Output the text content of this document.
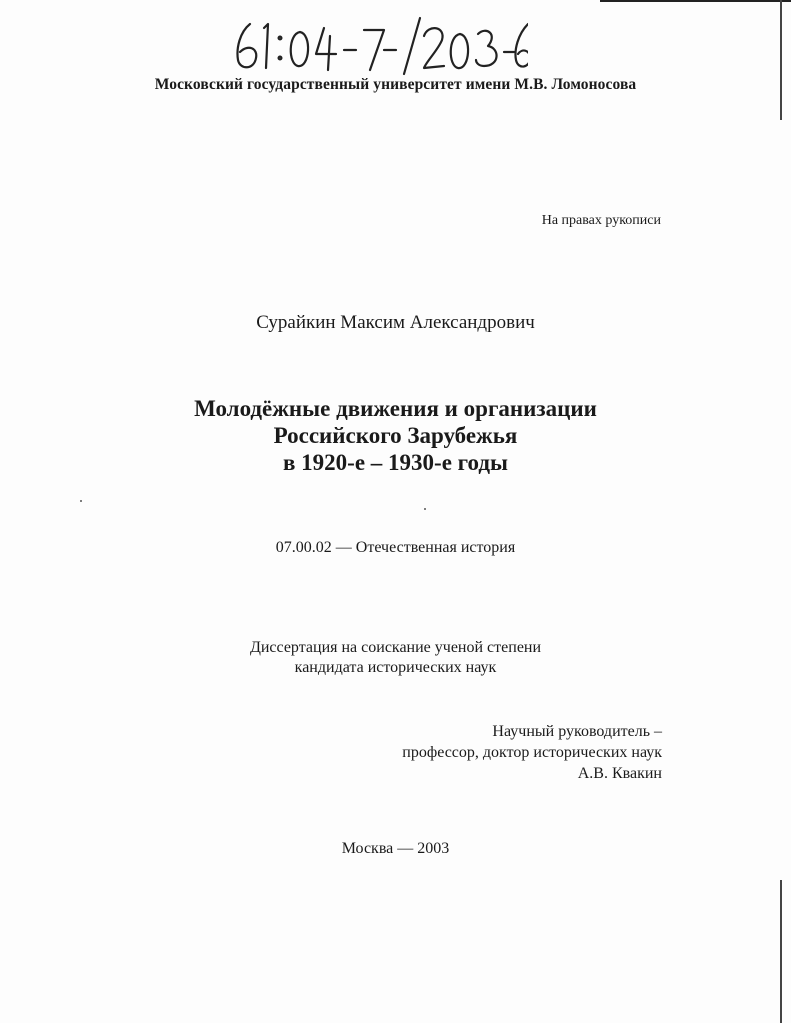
Московский государственный университет имени М.В. Ломоносова

На правах рукописи

Сурайкин Максим Александрович

Молодёжные движения и организации
Российского Зарубежья
в 1920-е – 1930-е годы

07.00.02 — Отечественная история

Диссертация на соискание ученой степени
кандидата исторических наук
Научный руководитель –
профессор, доктор исторических наук
А.В. Квакин

Москва — 2003
